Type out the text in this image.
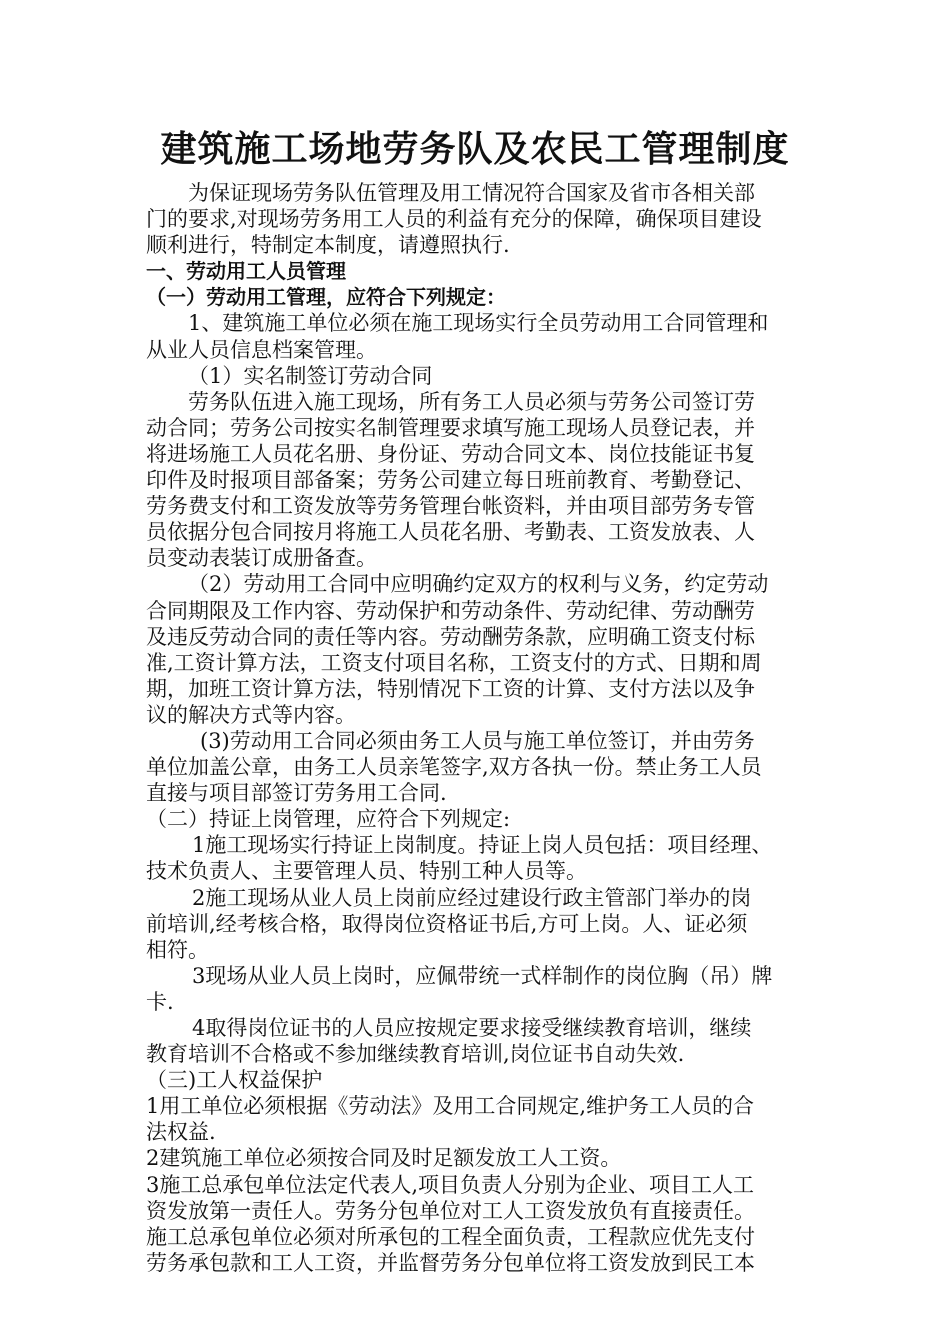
建筑施工场地劳务队及农民工管理制度
为保证现场劳务队伍管理及用工情况符合国家及省市各相关部
门的要求,对现场劳务用工人员的利益有充分的保障，确保项目建设
顺利进行，特制定本制度，请遵照执行.
一、劳动用工人员管理
（一）劳动用工管理，应符合下列规定：
1、建筑施工单位必须在施工现场实行全员劳动用工合同管理和
从业人员信息档案管理。
（1）实名制签订劳动合同
劳务队伍进入施工现场，所有务工人员必须与劳务公司签订劳
动合同；劳务公司按实名制管理要求填写施工现场人员登记表，并
将进场施工人员花名册、身份证、劳动合同文本、岗位技能证书复
印件及时报项目部备案；劳务公司建立每日班前教育、考勤登记、
劳务费支付和工资发放等劳务管理台帐资料，并由项目部劳务专管
员依据分包合同按月将施工人员花名册、考勤表、工资发放表、人
员变动表装订成册备查。
（2）劳动用工合同中应明确约定双方的权利与义务，约定劳动
合同期限及工作内容、劳动保护和劳动条件、劳动纪律、劳动酬劳
及违反劳动合同的责任等内容。劳动酬劳条款，应明确工资支付标
准,工资计算方法，工资支付项目名称，工资支付的方式、日期和周
期，加班工资计算方法，特别情况下工资的计算、支付方法以及争
议的解决方式等内容。
(3)劳动用工合同必须由务工人员与施工单位签订，并由劳务
单位加盖公章，由务工人员亲笔签字,双方各执一份。禁止务工人员
直接与项目部签订劳务用工合同.
（二）持证上岗管理，应符合下列规定:
1施工现场实行持证上岗制度。持证上岗人员包括：项目经理、
技术负责人、主要管理人员、特别工种人员等。
2施工现场从业人员上岗前应经过建设行政主管部门举办的岗
前培训,经考核合格，取得岗位资格证书后,方可上岗。人、证必须
相符。
3现场从业人员上岗时，应佩带统一式样制作的岗位胸（吊）牌
卡.
4取得岗位证书的人员应按规定要求接受继续教育培训，继续
教育培训不合格或不参加继续教育培训,岗位证书自动失效.
（三)工人权益保护
1用工单位必须根据《劳动法》及用工合同规定,维护务工人员的合
法权益.
2建筑施工单位必须按合同及时足额发放工人工资。
3施工总承包单位法定代表人,项目负责人分别为企业、项目工人工
资发放第一责任人。劳务分包单位对工人工资发放负有直接责任。
施工总承包单位必须对所承包的工程全面负责，工程款应优先支付
劳务承包款和工人工资，并监督劳务分包单位将工资发放到民工本
